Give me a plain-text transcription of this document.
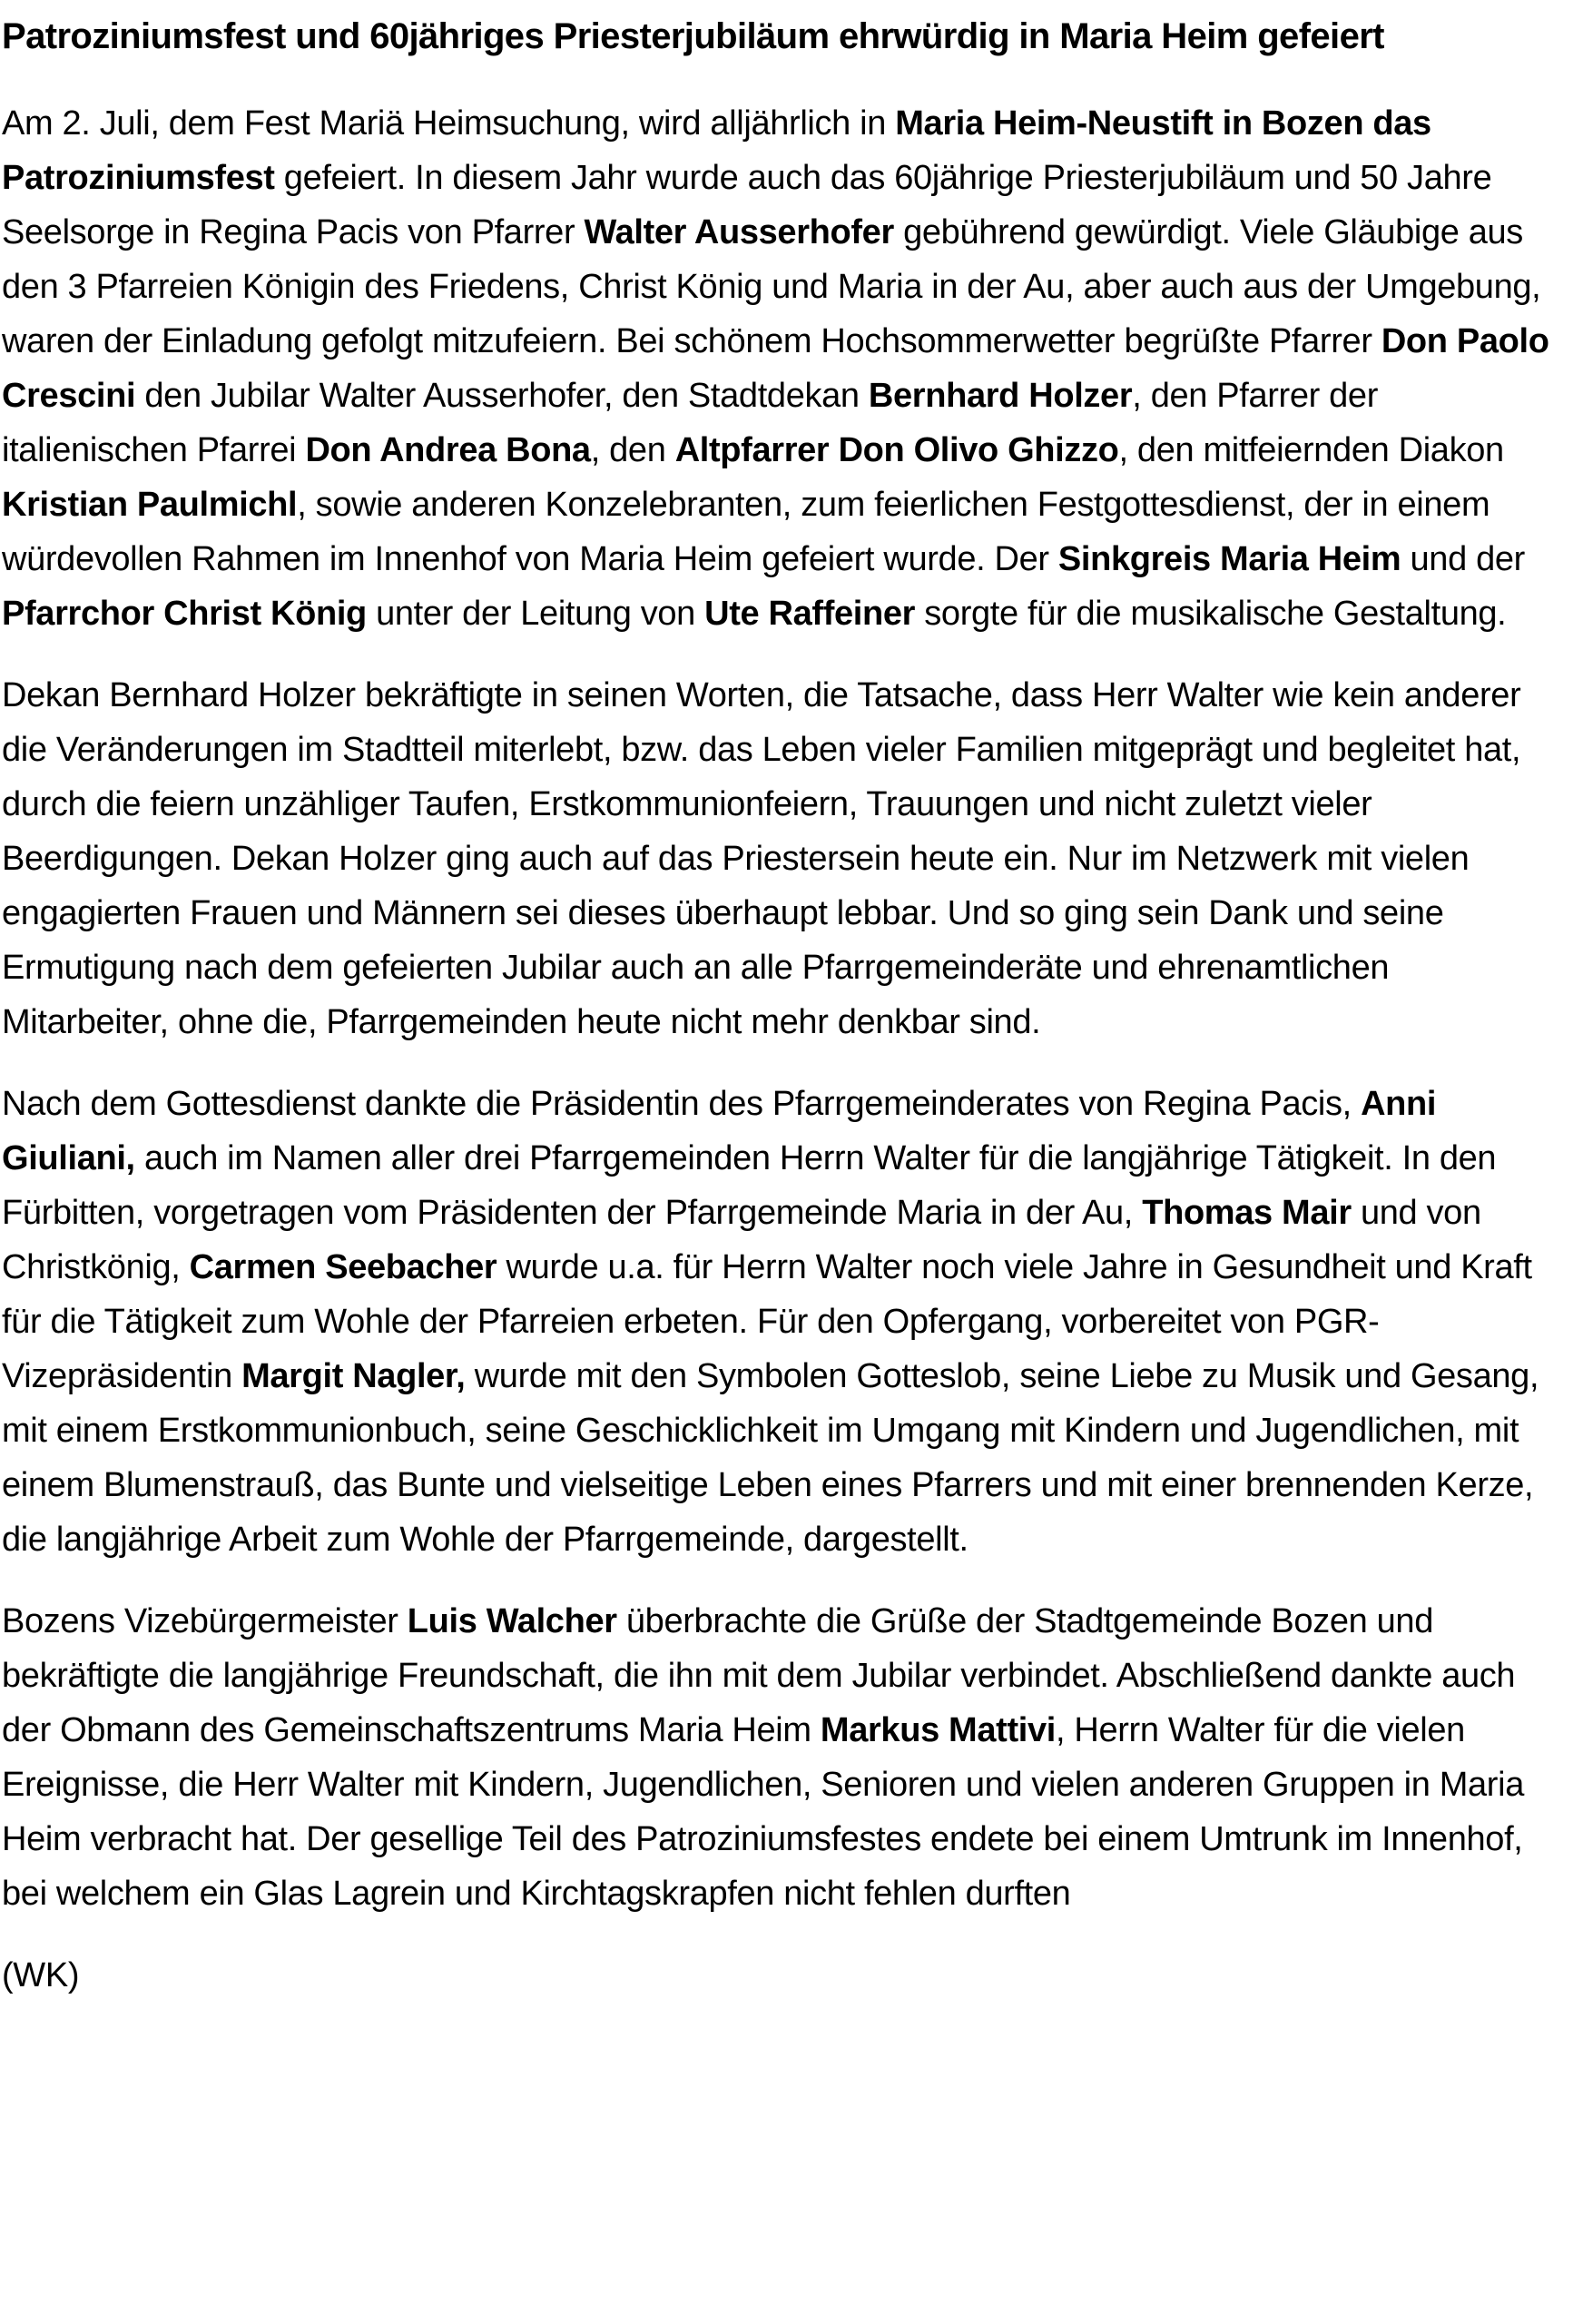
Patroziniumsfest und 60jähriges Priesterjubiläum ehrwürdig in Maria Heim gefeiert

Am 2. Juli, dem Fest Mariä Heimsuchung, wird alljährlich in Maria Heim-Neustift in Bozen das Patroziniumsfest gefeiert. In diesem Jahr wurde auch das 60jährige Priesterjubiläum und 50 Jahre Seelsorge in Regina Pacis von Pfarrer Walter Ausserhofer gebührend gewürdigt. Viele Gläubige aus den 3 Pfarreien Königin des Friedens, Christ König und Maria in der Au, aber auch aus der Umgebung, waren der Einladung gefolgt mitzufeiern. Bei schönem Hochsommerwetter begrüßte Pfarrer Don Paolo Crescini den Jubilar Walter Ausserhofer, den Stadtdekan Bernhard Holzer, den Pfarrer der italienischen Pfarrei Don Andrea Bona, den Altpfarrer Don Olivo Ghizzo, den mitfeiernden Diakon Kristian Paulmichl, sowie anderen Konzelebranten, zum feierlichen Festgottesdienst, der in einem würdevollen Rahmen im Innenhof von Maria Heim gefeiert wurde. Der Sinkgreis Maria Heim und der Pfarrchor Christ König unter der Leitung von Ute Raffeiner sorgte für die musikalische Gestaltung.

Dekan Bernhard Holzer bekräftigte in seinen Worten, die Tatsache, dass Herr Walter wie kein anderer die Veränderungen im Stadtteil miterlebt, bzw. das Leben vieler Familien mitgeprägt und begleitet hat, durch die feiern unzähliger Taufen, Erstkommunionfeiern, Trauungen und nicht zuletzt vieler Beerdigungen. Dekan Holzer ging auch auf das Priestersein heute ein. Nur im Netzwerk mit vielen engagierten Frauen und Männern sei dieses überhaupt lebbar. Und so ging sein Dank und seine Ermutigung nach dem gefeierten Jubilar auch an alle Pfarrgemeinderäte und ehrenamtlichen Mitarbeiter, ohne die, Pfarrgemeinden heute nicht mehr denkbar sind.

Nach dem Gottesdienst dankte die Präsidentin des Pfarrgemeinderates von Regina Pacis, Anni Giuliani, auch im Namen aller drei Pfarrgemeinden Herrn Walter für die langjährige Tätigkeit. In den Fürbitten, vorgetragen vom Präsidenten der Pfarrgemeinde Maria in der Au, Thomas Mair und von Christkönig, Carmen Seebacher wurde u.a. für Herrn Walter noch viele Jahre in Gesundheit und Kraft für die Tätigkeit zum Wohle der Pfarreien erbeten. Für den Opfergang, vorbereitet von PGR-Vizepräsidentin Margit Nagler, wurde mit den Symbolen Gotteslob, seine Liebe zu Musik und Gesang, mit einem Erstkommunionbuch, seine Geschicklichkeit im Umgang mit Kindern und Jugendlichen, mit einem Blumenstrauß, das Bunte und vielseitige Leben eines Pfarrers und mit einer brennenden Kerze, die langjährige Arbeit zum Wohle der Pfarrgemeinde, dargestellt.

Bozens Vizebürgermeister Luis Walcher überbrachte die Grüße der Stadtgemeinde Bozen und bekräftigte die langjährige Freundschaft, die ihn mit dem Jubilar verbindet. Abschließend dankte auch der Obmann des Gemeinschaftszentrums Maria Heim Markus Mattivi, Herrn Walter für die vielen Ereignisse, die Herr Walter mit Kindern, Jugendlichen, Senioren und vielen anderen Gruppen in Maria Heim verbracht hat. Der gesellige Teil des Patroziniumsfestes endete bei einem Umtrunk im Innenhof, bei welchem ein Glas Lagrein und Kirchtagskrapfen nicht fehlen durften

(WK)
